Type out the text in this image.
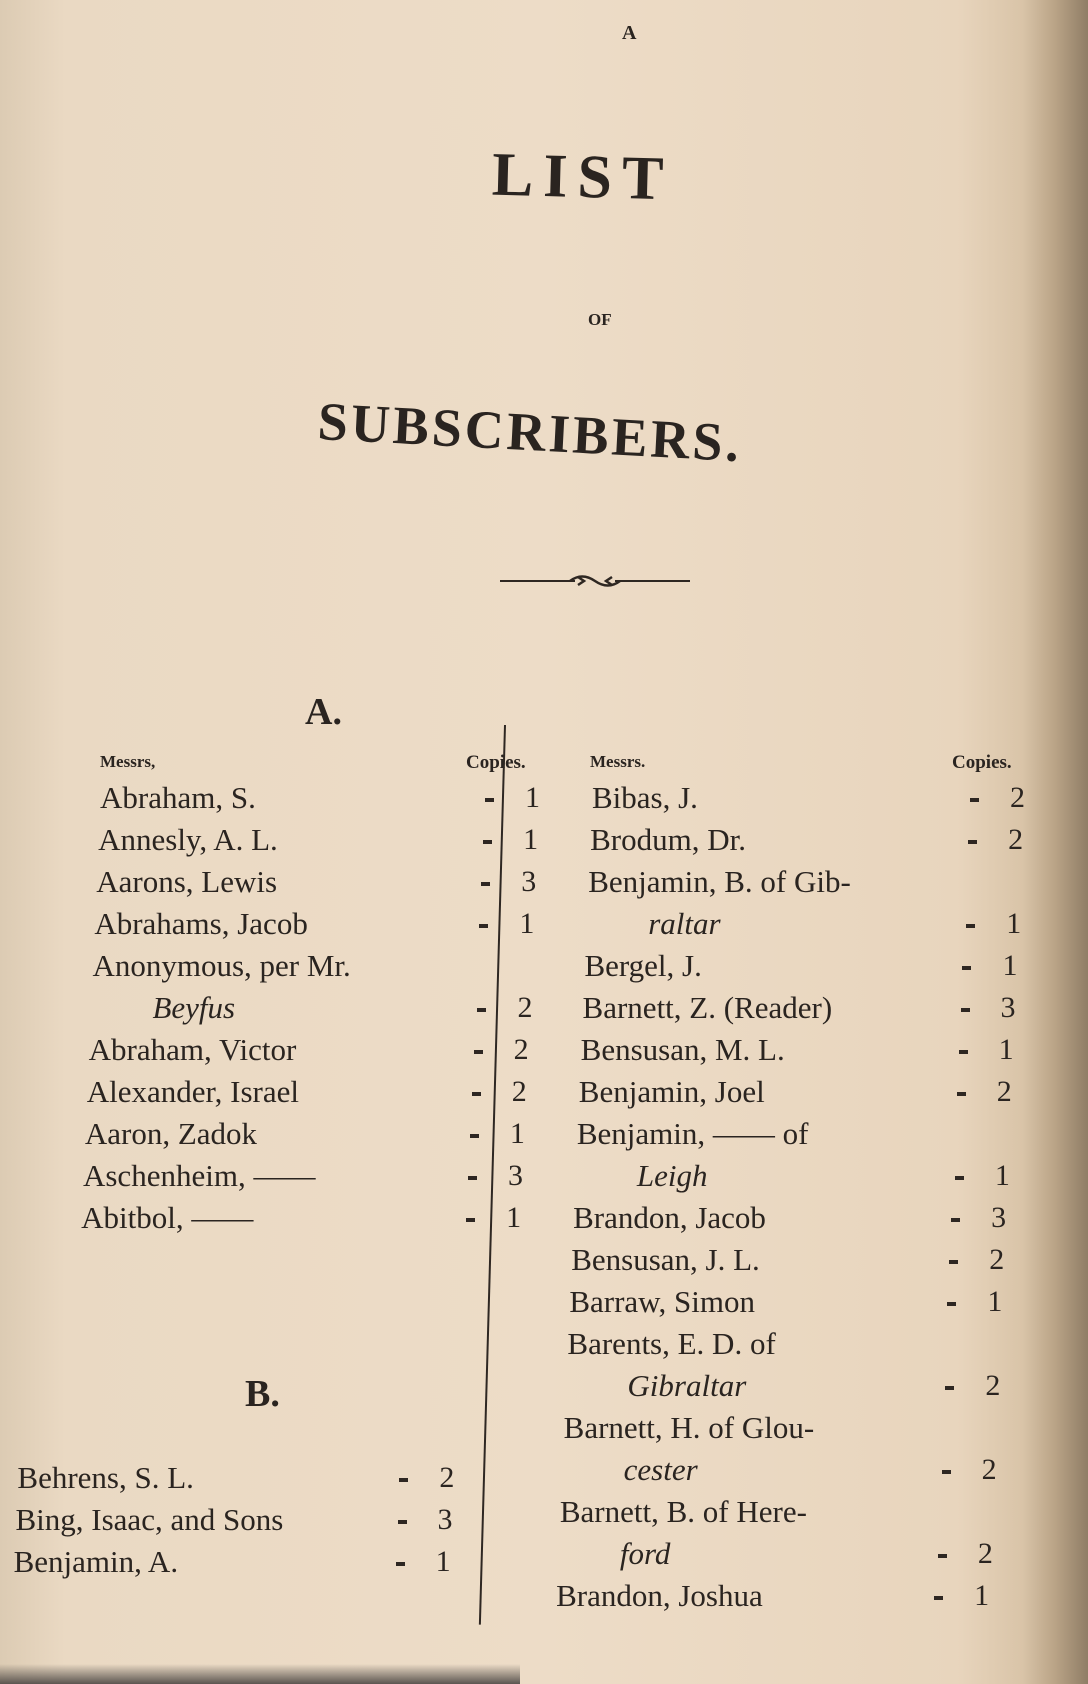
A
LIST
OF
SUBSCRIBERS.
A.
Messrs,	Copies.	Messrs.	Copies.
B.
Abraham, S.	1
Annesly, A. L.	1
Aarons, Lewis	3
Abrahams, Jacob	1
Anonymous, per Mr.
Beyfus	2
Abraham, Victor	2
Alexander, Israel	2
Aaron, Zadok	1
Aschenheim, ——	3
Abitbol, ——	1
Behrens, S. L.	2
Bing, Isaac, and Sons	3
Benjamin, A.	1
Bibas, J.	2
Brodum, Dr.	2
Benjamin, B. of Gib-
raltar	1
Bergel, J.	1
Barnett, Z. (Reader)	3
Bensusan, M. L.	1
Benjamin, Joel	2
Benjamin, —— of
Leigh	1
Brandon, Jacob	3
Bensusan, J. L.	2
Barraw, Simon	1
Barents, E. D. of
Gibraltar	2
Barnett, H. of Glou-
cester	2
Barnett, B. of Here-
ford	2
Brandon, Joshua	1
